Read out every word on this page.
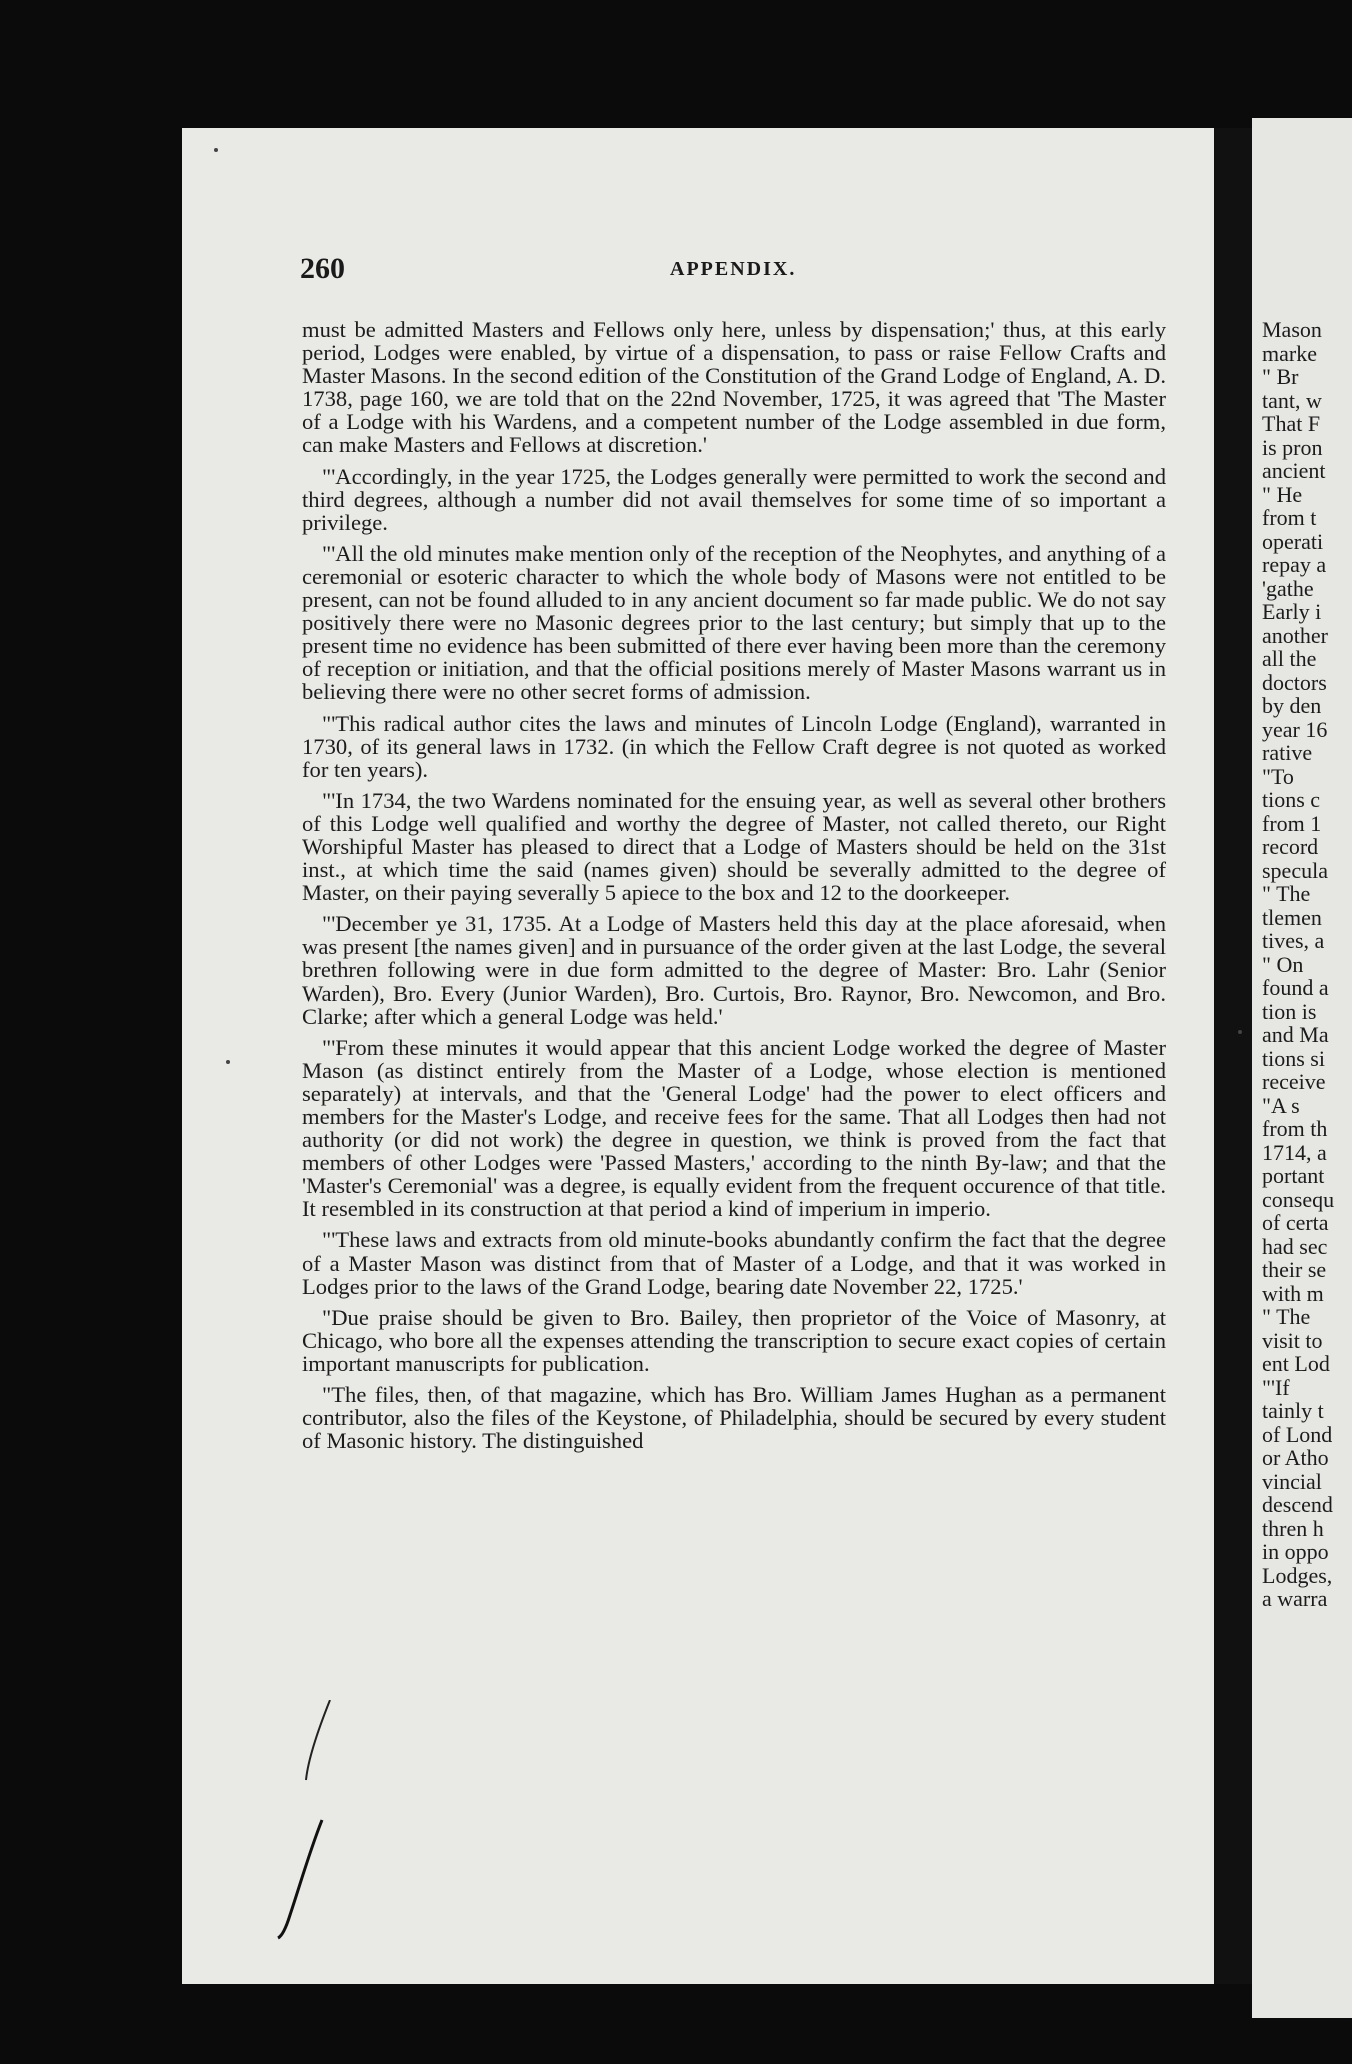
260	APPENDIX.

must be admitted Masters and Fellows only here, unless by dispensation;' thus, at this early period, Lodges were enabled, by virtue of a dispensation, to pass or raise Fellow Crafts and Master Masons. In the second edition of the Constitution of the Grand Lodge of England, A. D. 1738, page 160, we are told that on the 22nd November, 1725, it was agreed that 'The Master of a Lodge with his Wardens, and a competent number of the Lodge assembled in due form, can make Masters and Fellows at discretion.'

"'Accordingly, in the year 1725, the Lodges generally were permitted to work the second and third degrees, although a number did not avail themselves for some time of so important a privilege.

"'All the old minutes make mention only of the reception of the Neophytes, and anything of a ceremonial or esoteric character to which the whole body of Masons were not entitled to be present, can not be found alluded to in any ancient document so far made public. We do not say positively there were no Masonic degrees prior to the last century; but simply that up to the present time no evidence has been submitted of there ever having been more than the ceremony of reception or initiation, and that the official positions merely of Master Masons warrant us in believing there were no other secret forms of admission.

"'This radical author cites the laws and minutes of Lincoln Lodge (England), warranted in 1730, of its general laws in 1732. (in which the Fellow Craft degree is not quoted as worked for ten years).

"'In 1734, the two Wardens nominated for the ensuing year, as well as several other brothers of this Lodge well qualified and worthy the degree of Master, not called thereto, our Right Worshipful Master has pleased to direct that a Lodge of Masters should be held on the 31st inst., at which time the said (names given) should be severally admitted to the degree of Master, on their paying severally 5 apiece to the box and 12 to the doorkeeper.

"'December ye 31, 1735. At a Lodge of Masters held this day at the place aforesaid, when was present [the names given] and in pursuance of the order given at the last Lodge, the several brethren following were in due form admitted to the degree of Master: Bro. Lahr (Senior Warden), Bro. Every (Junior Warden), Bro. Curtois, Bro. Raynor, Bro. Newcomon, and Bro. Clarke; after which a general Lodge was held.'

"'From these minutes it would appear that this ancient Lodge worked the degree of Master Mason (as distinct entirely from the Master of a Lodge, whose election is mentioned separately) at intervals, and that the 'General Lodge' had the power to elect officers and members for the Master's Lodge, and receive fees for the same. That all Lodges then had not authority (or did not work) the degree in question, we think is proved from the fact that members of other Lodges were 'Passed Masters,' according to the ninth By-law; and that the 'Master's Ceremonial' was a degree, is equally evident from the frequent occurence of that title. It resembled in its construction at that period a kind of imperium in imperio.

"'These laws and extracts from old minute-books abundantly confirm the fact that the degree of a Master Mason was distinct from that of Master of a Lodge, and that it was worked in Lodges prior to the laws of the Grand Lodge, bearing date November 22, 1725.'

"Due praise should be given to Bro. Bailey, then proprietor of the Voice of Masonry, at Chicago, who bore all the expenses attending the transcription to secure exact copies of certain important manuscripts for publication.

"The files, then, of that magazine, which has Bro. William James Hughan as a permanent contributor, also the files of the Keystone, of Philadelphia, should be secured by every student of Masonic history. The distinguished

Mason
marke
" Br
tant, w
That F
is pron
ancient
" He
from t
operati
repay a
'gathe
Early i
another
all the
doctors
by den
year 16
rative
"To
tions c
from 1
record
specula
" The
tlemen
tives, a
" On
found a
tion is
and Ma
tions si
receive
"A s
from th
1714, a
portant
consequ
of certa
had sec
their se
with m
" The
visit to
ent Lod
"'If
tainly t
of Lond
or Atho
vincial
descend
thren h
in oppo
Lodges,
a warra
